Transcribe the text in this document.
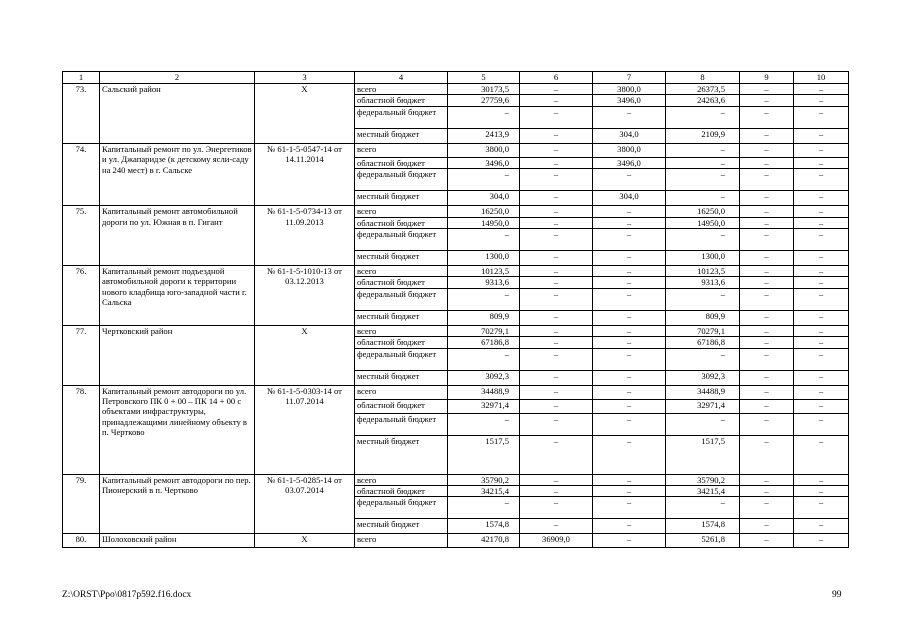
1	2	3	4	5	6	7	8	9	10
73.	Сальский район	Х	всего	30173,5	–	3800,0	26373,5	–	–
			областной бюджет	27759,6	–	3496,0	24263,6	–	–
			федеральный бюджет	–	–	–	–	–	–
			местный бюджет	2413,9	–	304,0	2109,9	–	–
74.	Капитальный ремонт по ул. Энергетиков и ул. Джапаридзе (к детскому ясли-саду на 240 мест) в г. Сальске	№ 61-1-5-0547-14 от 14.11.2014	всего	3800,0	–	3800,0	–	–	–
			областной бюджет	3496,0	–	3496,0	–	–	–
			федеральный бюджет	–	–	–	–	–	–
			местный бюджет	304,0	–	304,0	–	–	–
75.	Капитальный ремонт автомобильной дороги по ул. Южная в п. Гигант	№ 61-1-5-0734-13 от 11.09.2013	всего	16250,0	–	–	16250,0	–	–
			областной бюджет	14950,0	–	–	14950,0	–	–
			федеральный бюджет	–	–	–	–	–	–
			местный бюджет	1300,0	–	–	1300,0	–	–
76.	Капитальный ремонт подъездной автомобильной дороги к территории нового кладбища юго-западной части г. Сальска	№ 61-1-5-1010-13 от 03.12.2013	всего	10123,5	–	–	10123,5	–	–
			областной бюджет	9313,6	–	–	9313,6	–	–
			федеральный бюджет	–	–	–	–	–	–
			местный бюджет	809,9	–	–	809,9	–	–
77.	Чертковский район	Х	всего	70279,1	–	–	70279,1	–	–
			областной бюджет	67186,8	–	–	67186,8	–	–
			федеральный бюджет	–	–	–	–	–	–
			местный бюджет	3092,3	–	–	3092,3	–	–
78.	Капитальный ремонт автодороги по ул. Петровского ПК 0 + 00 – ПК 14 + 00 с объектами инфраструктуры, принадлежащими линейному объекту в п. Чертково	№ 61-1-5-0303-14 от 11.07.2014	всего	34488,9	–	–	34488,9	–	–
			областной бюджет	32971,4	–	–	32971,4	–	–
			федеральный бюджет	–	–	–	–	–	–
			местный бюджет	1517,5	–	–	1517,5	–	–
79.	Капитальный ремонт автодороги по пер. Пионерский в п. Чертково	№ 61-1-5-0285-14 от 03.07.2014	всего	35790,2	–	–	35790,2	–	–
			областной бюджет	34215,4	–	–	34215,4	–	–
			федеральный бюджет	–	–	–	–	–	–
			местный бюджет	1574,8	–	–	1574,8	–	–
80.	Шолоховский район	Х	всего	42170,8	36909,0	–	5261,8	–	–
Z:\ORST\Ppo\0817p592.f16.docx	99
